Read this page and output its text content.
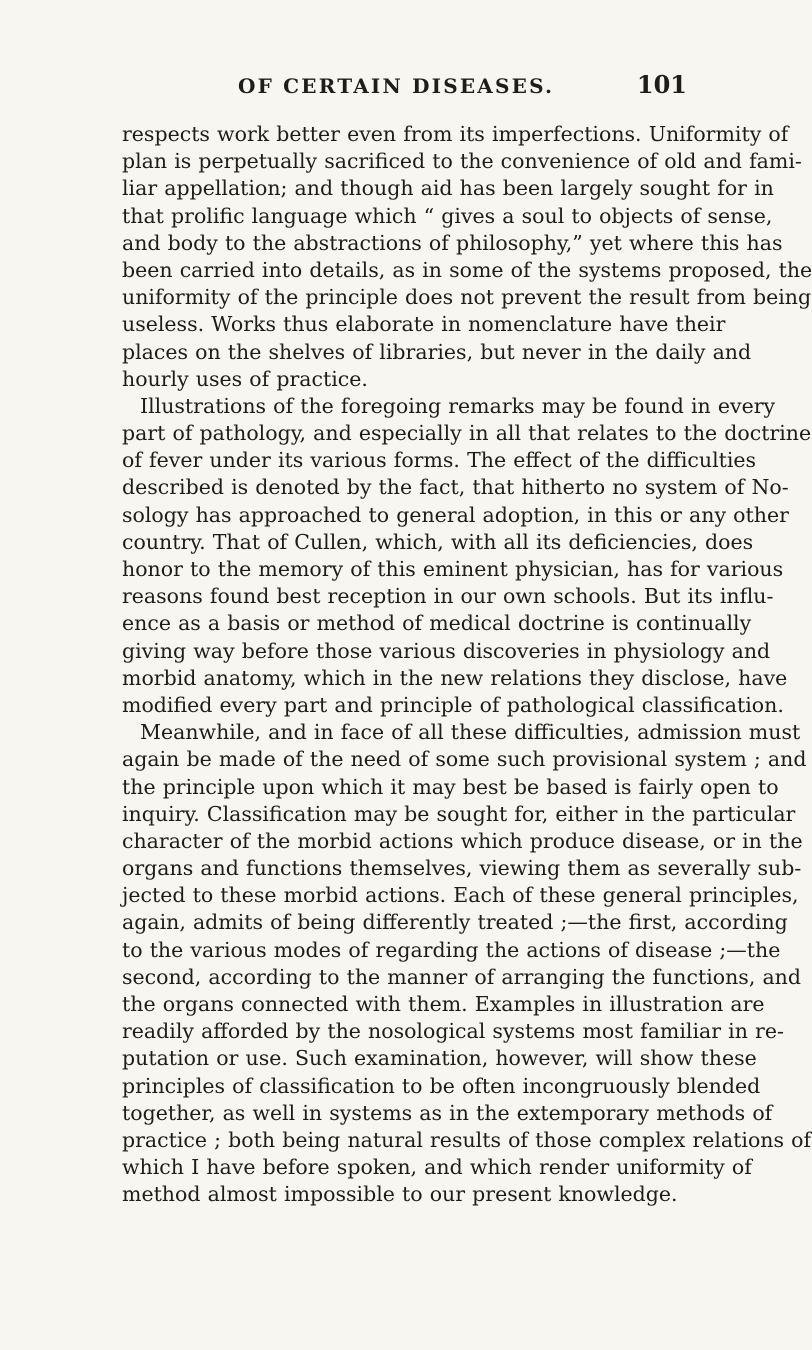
OF CERTAIN DISEASES.	101
respects work better even from its imperfections. Uniformity of
plan is perpetually sacrificed to the convenience of old and fami-
liar appellation; and though aid has been largely sought for in
that prolific language which “ gives a soul to objects of sense,
and body to the abstractions of philosophy,” yet where this has
been carried into details, as in some of the systems proposed, the
uniformity of the principle does not prevent the result from being
useless. Works thus elaborate in nomenclature have their
places on the shelves of libraries, but never in the daily and
hourly uses of practice.
Illustrations of the foregoing remarks may be found in every
part of pathology, and especially in all that relates to the doctrine
of fever under its various forms. The effect of the difficulties
described is denoted by the fact, that hitherto no system of No-
sology has approached to general adoption, in this or any other
country. That of Cullen, which, with all its deficiencies, does
honor to the memory of this eminent physician, has for various
reasons found best reception in our own schools. But its influ-
ence as a basis or method of medical doctrine is continually
giving way before those various discoveries in physiology and
morbid anatomy, which in the new relations they disclose, have
modified every part and principle of pathological classification.
Meanwhile, and in face of all these difficulties, admission must
again be made of the need of some such provisional system ; and
the principle upon which it may best be based is fairly open to
inquiry. Classification may be sought for, either in the particular
character of the morbid actions which produce disease, or in the
organs and functions themselves, viewing them as severally sub-
jected to these morbid actions. Each of these general principles,
again, admits of being differently treated ;—the first, according
to the various modes of regarding the actions of disease ;—the
second, according to the manner of arranging the functions, and
the organs connected with them. Examples in illustration are
readily afforded by the nosological systems most familiar in re-
putation or use. Such examination, however, will show these
principles of classification to be often incongruously blended
together, as well in systems as in the extemporary methods of
practice ; both being natural results of those complex relations of
which I have before spoken, and which render uniformity of
method almost impossible to our present knowledge.
